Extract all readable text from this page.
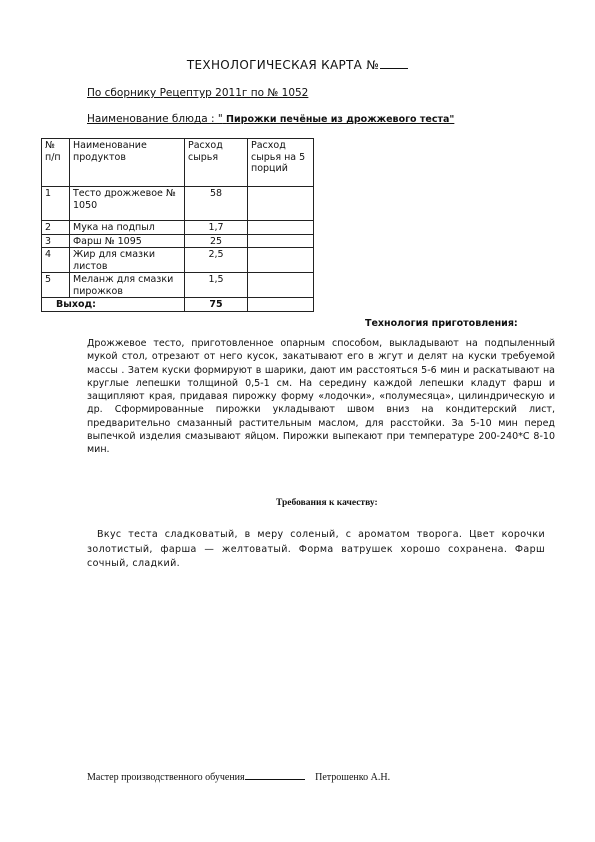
ТЕХНОЛОГИЧЕСКАЯ КАРТА №
По сборнику Рецептур 2011г по № 1052
Наименование блюда : " Пирожки печёные из дрожжевого теста"
№ п/п	Наименование продуктов	Расход сырья	Расход сырья на 5 порций
1	Тесто дрожжевое № 1050	58	
2	Мука на подпыл	1,7	
3	Фарш № 1095	25	
4	Жир для смазки листов	2,5	
5	Меланж для смазки пирожков	1,5	
Выход:		75	
Технология приготовления:
Дрожжевое тесто, приготовленное опарным способом, выкладывают на подпыленный мукой стол, отрезают от него кусок, закатывают его в жгут и делят на куски требуемой массы . Затем куски формируют в шарики, дают им расстояться 5-6 мин и раскатывают на круглые лепешки толщиной 0,5-1 см. На середину каждой лепешки кладут фарш и защипляют края, придавая пирожку форму «лодочки», «полумесяца», цилиндрическую и др. Сформированные пирожки укладывают швом вниз на кондитерский лист, предварительно смазанный растительным маслом, для расстойки. За 5-10 мин перед выпечкой изделия смазывают яйцом. Пирожки выпекают при температуре 200-240*С 8-10 мин.
Требования к качеству:
Вкус теста сладковатый, в меру соленый, с ароматом творога. Цвет корочки золотистый, фарша — желтоватый. Форма ватрушек хорошо сохранена. Фарш сочный, сладкий.
Мастер производственного обучения	Петрошенко А.Н.
